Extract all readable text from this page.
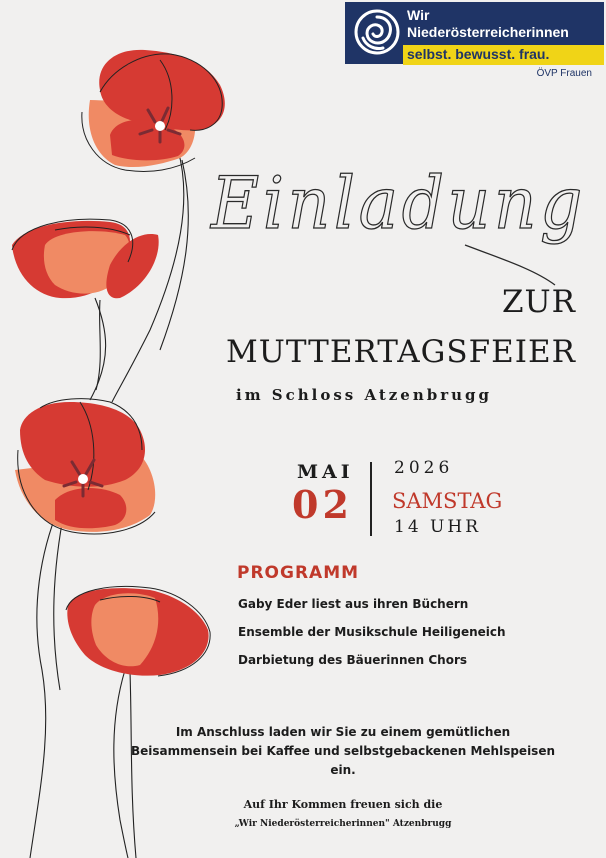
Wir
Niederösterreicherinnen
selbst. bewusst. frau.
ÖVP Frauen
Einladung
ZUR
MUTTERTAGSFEIER
im Schloss Atzenbrugg
MAI
02
2026
SAMSTAG
14 UHR
PROGRAMM
Gaby Eder liest aus ihren Büchern
Ensemble der Musikschule Heiligeneich
Darbietung des Bäuerinnen Chors
Im Anschluss laden wir Sie zu einem gemütlichen
Beisammensein bei Kaffee und selbstgebackenen Mehlspeisen
ein.
Auf Ihr Kommen freuen sich die
„Wir Niederösterreicherinnen" Atzenbrugg
